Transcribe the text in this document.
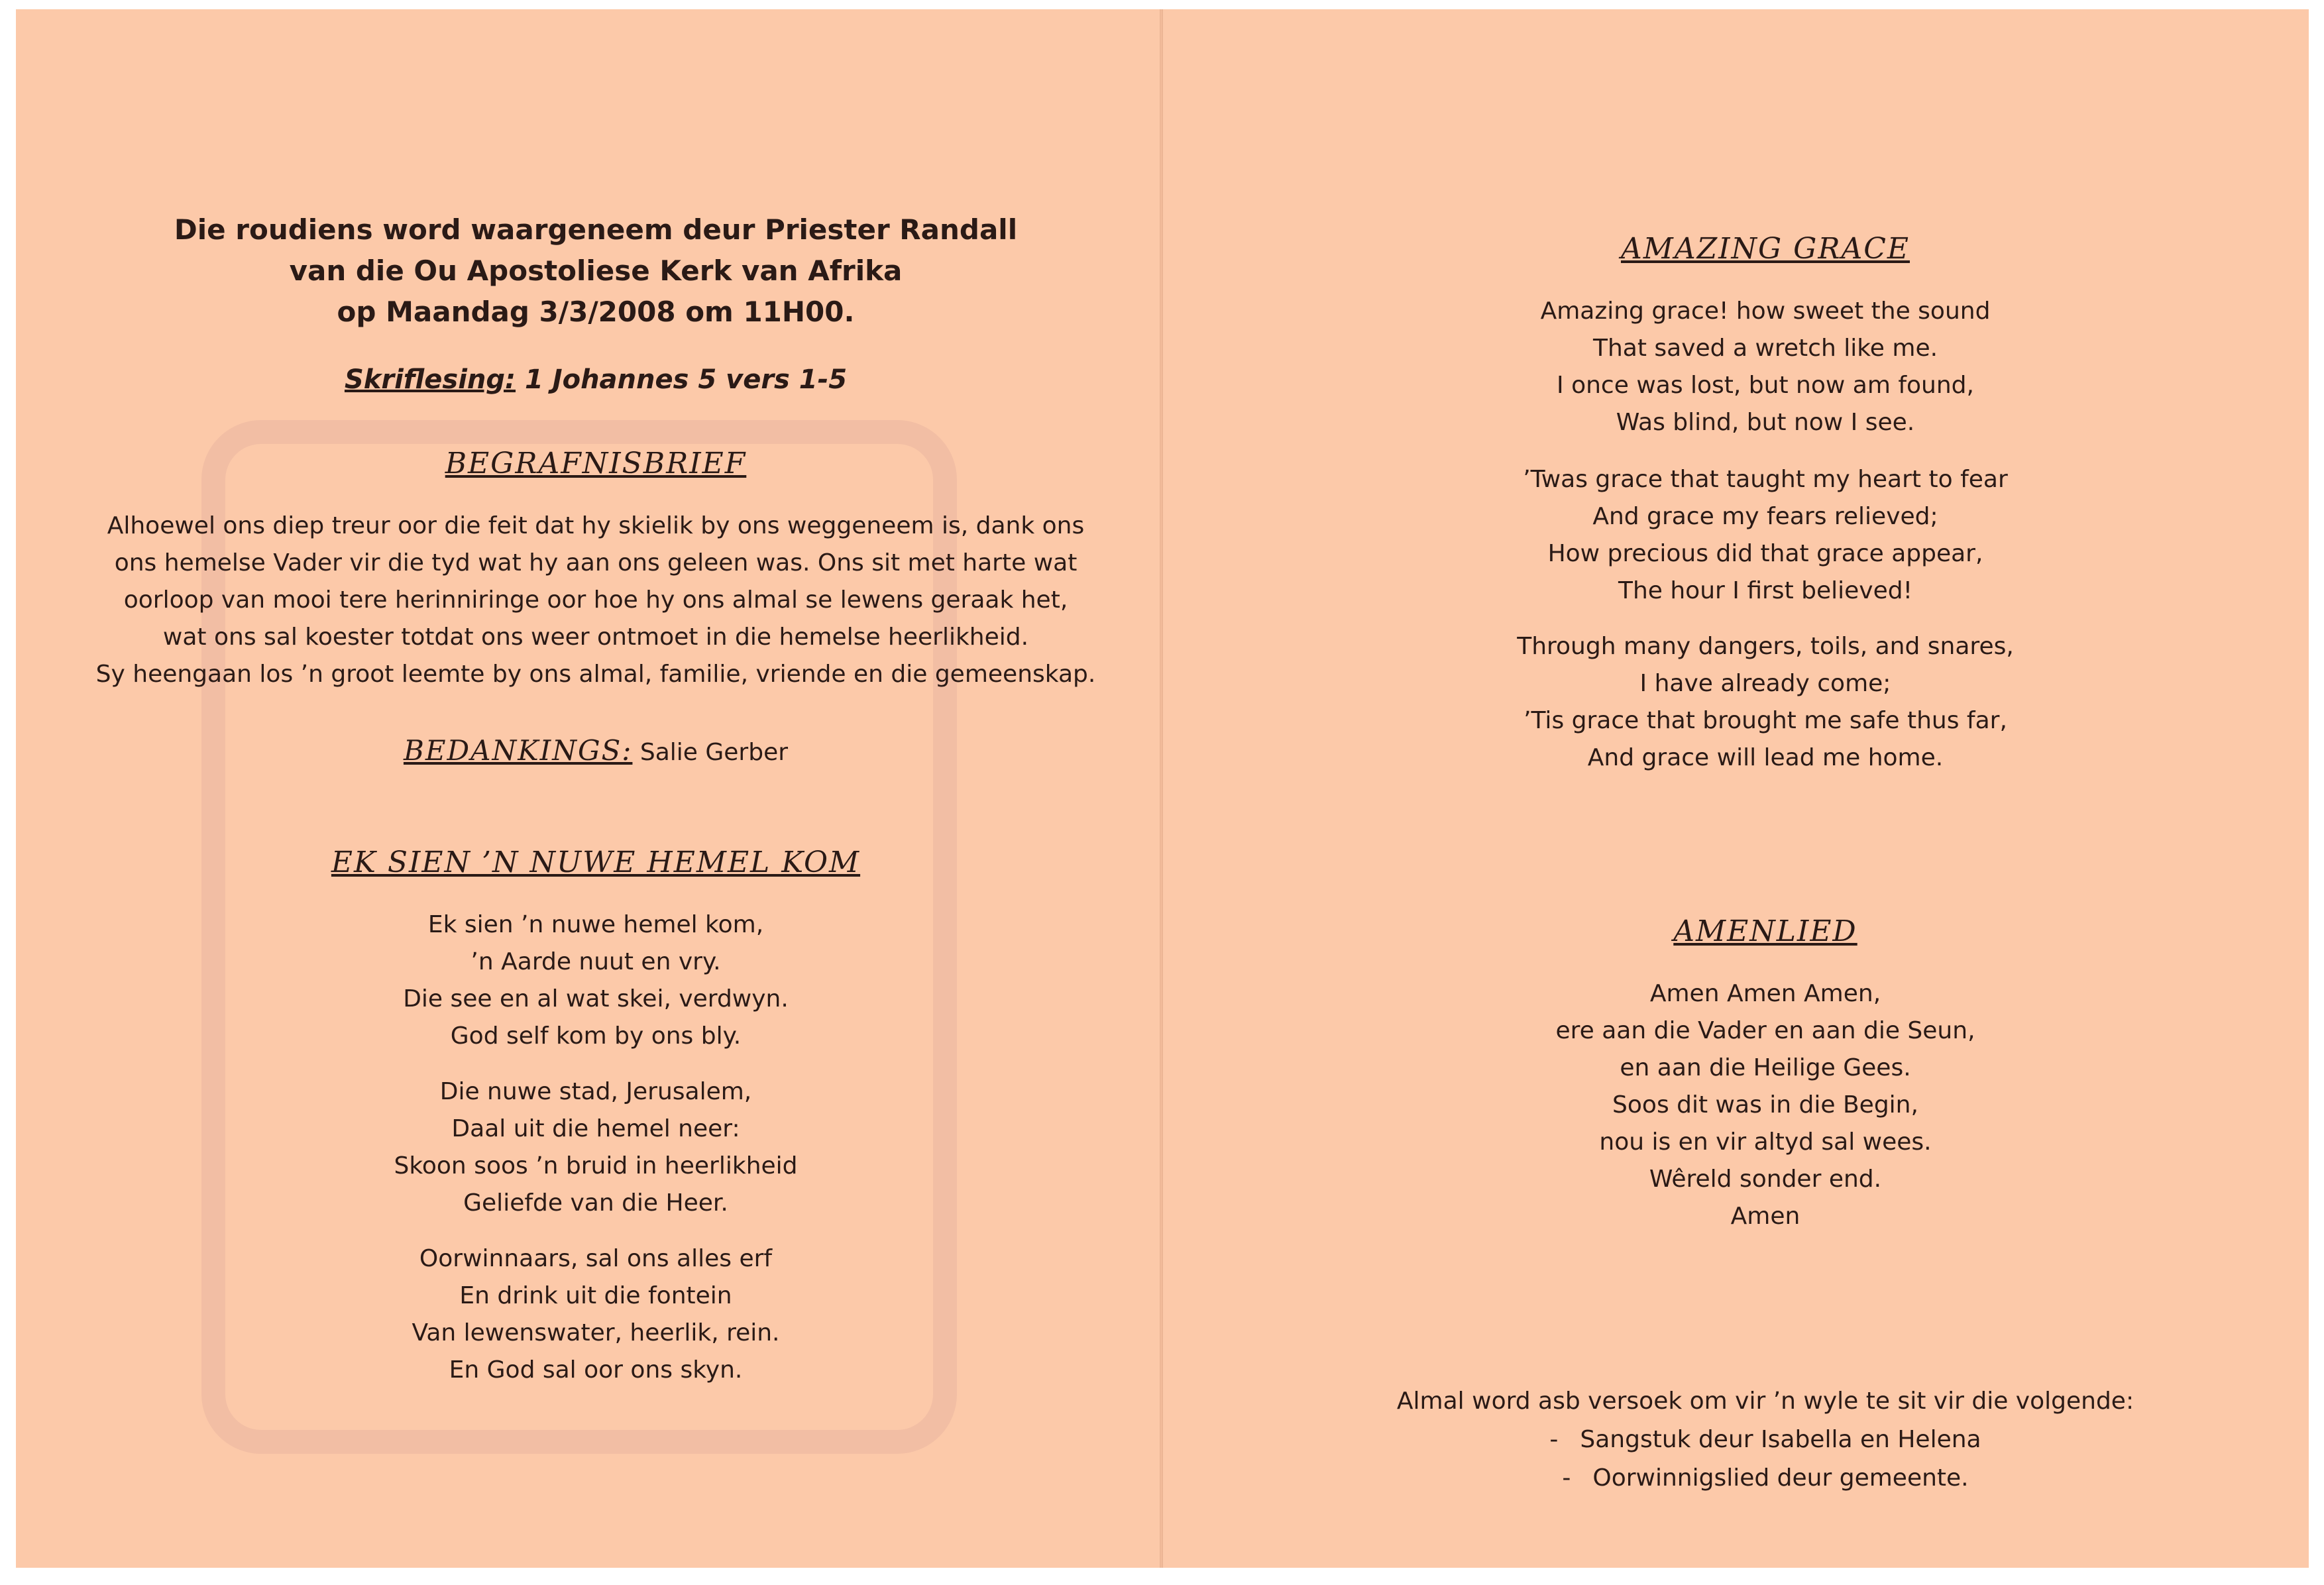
Die roudiens word waargeneem deur Priester Randall
van die Ou Apostoliese Kerk van Afrika
op Maandag 3/3/2008 om 11H00.
Skriflesing: 1 Johannes 5 vers 1-5
BEGRAFNISBRIEF
Alhoewel ons diep treur oor die feit dat hy skielik by ons weggeneem is, dank ons
ons hemelse Vader vir die tyd wat hy aan ons geleen was. Ons sit met harte wat
oorloop van mooi tere herinniringe oor hoe hy ons almal se lewens geraak het,
wat ons sal koester totdat ons weer ontmoet in die hemelse heerlikheid.
Sy heengaan los ’n groot leemte by ons almal, familie, vriende en die gemeenskap.
BEDANKINGS: Salie Gerber
EK SIEN ’N NUWE HEMEL KOM
Ek sien ’n nuwe hemel kom,
’n Aarde nuut en vry.
Die see en al wat skei, verdwyn.
God self kom by ons bly.
Die nuwe stad, Jerusalem,
Daal uit die hemel neer:
Skoon soos ’n bruid in heerlikheid
Geliefde van die Heer.
Oorwinnaars, sal ons alles erf
En drink uit die fontein
Van lewenswater, heerlik, rein.
En God sal oor ons skyn.
AMAZING GRACE
Amazing grace! how sweet the sound
That saved a wretch like me.
I once was lost, but now am found,
Was blind, but now I see.
’Twas grace that taught my heart to fear
And grace my fears relieved;
How precious did that grace appear,
The hour I first believed!
Through many dangers, toils, and snares,
I have already come;
’Tis grace that brought me safe thus far,
And grace will lead me home.
AMENLIED
Amen Amen Amen,
ere aan die Vader en aan die Seun,
en aan die Heilige Gees.
Soos dit was in die Begin,
nou is en vir altyd sal wees.
Wêreld sonder end.
Amen
Almal word asb versoek om vir ’n wyle te sit vir die volgende:
- Sangstuk deur Isabella en Helena
- Oorwinnigslied deur gemeente.
